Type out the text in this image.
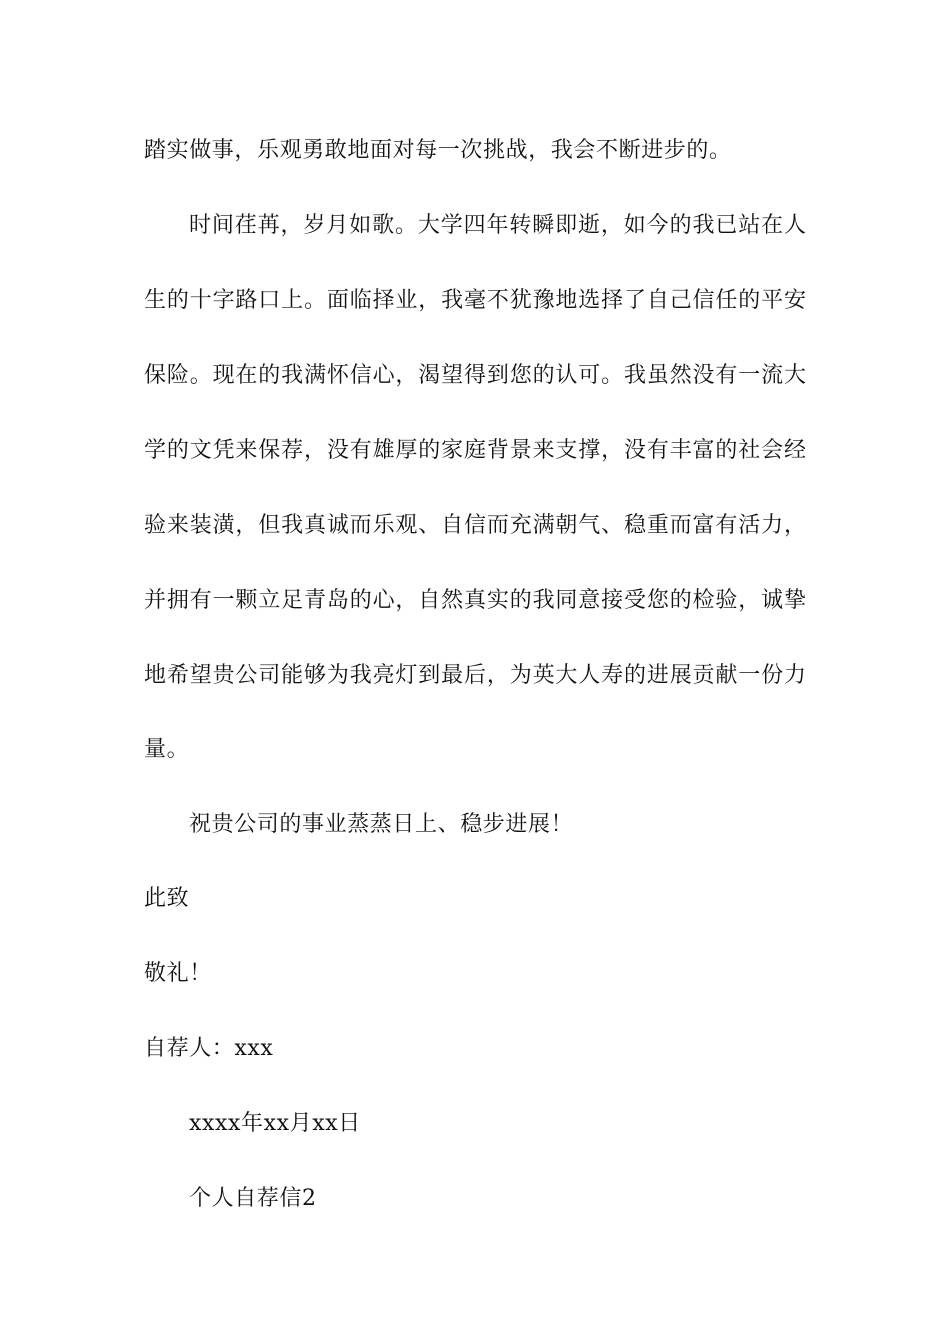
踏实做事，乐观勇敢地面对每一次挑战，我会不断进步的。
时间荏苒，岁月如歌。大学四年转瞬即逝，如今的我已站在人
生的十字路口上。面临择业，我毫不犹豫地选择了自己信任的平安
保险。现在的我满怀信心，渴望得到您的认可。我虽然没有一流大
学的文凭来保荐，没有雄厚的家庭背景来支撑，没有丰富的社会经
验来装潢，但我真诚而乐观、自信而充满朝气、稳重而富有活力，
并拥有一颗立足青岛的心，自然真实的我同意接受您的检验，诚挚
地希望贵公司能够为我亮灯到最后，为英大人寿的进展贡献一份力
量。
祝贵公司的事业蒸蒸日上、稳步进展！
此致
敬礼！
自荐人：xxx
xxxx年xx月xx日
个人自荐信2
